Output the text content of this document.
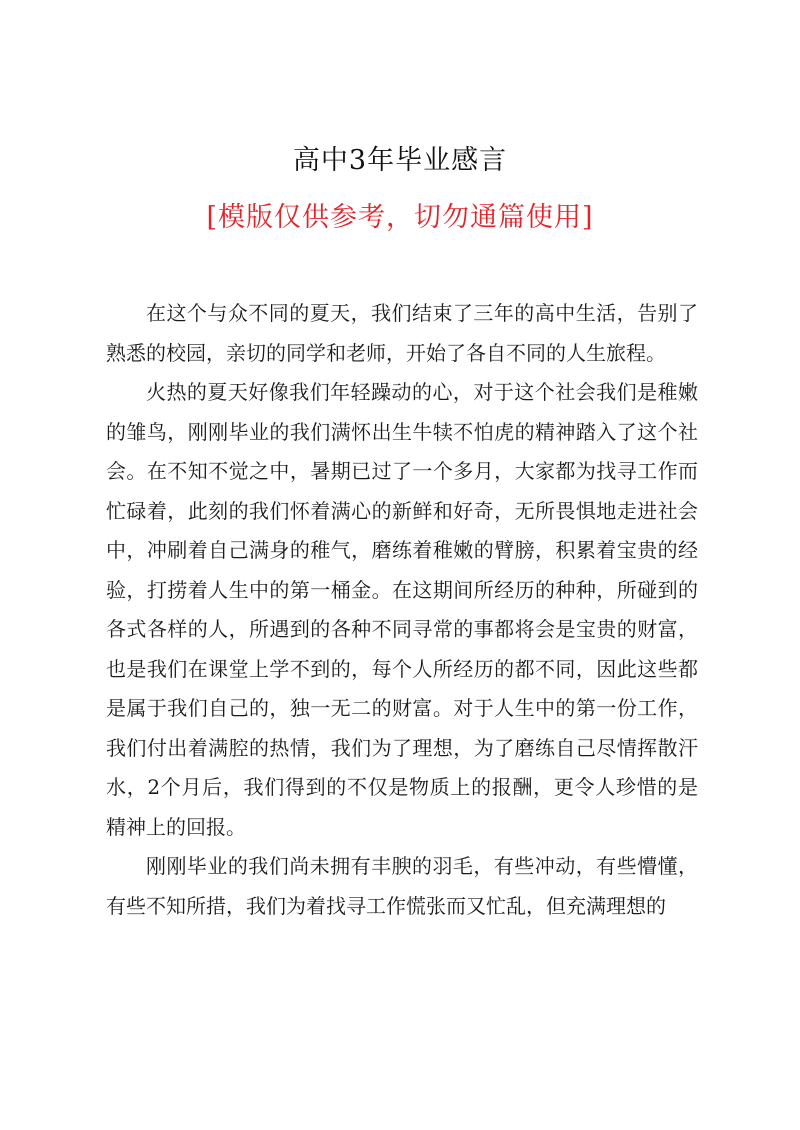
高中3年毕业感言
[模版仅供参考，切勿通篇使用]

在这个与众不同的夏天，我们结束了三年的高中生活，告别了熟悉的校园，亲切的同学和老师，开始了各自不同的人生旅程。

火热的夏天好像我们年轻躁动的心，对于这个社会我们是稚嫩的雏鸟，刚刚毕业的我们满怀出生牛犊不怕虎的精神踏入了这个社会。在不知不觉之中，暑期已过了一个多月，大家都为找寻工作而忙碌着，此刻的我们怀着满心的新鲜和好奇，无所畏惧地走进社会中，冲刷着自己满身的稚气，磨练着稚嫩的臂膀，积累着宝贵的经验，打捞着人生中的第一桶金。在这期间所经历的种种，所碰到的各式各样的人，所遇到的各种不同寻常的事都将会是宝贵的财富，也是我们在课堂上学不到的，每个人所经历的都不同，因此这些都是属于我们自己的，独一无二的财富。对于人生中的第一份工作，我们付出着满腔的热情，我们为了理想，为了磨练自己尽情挥散汗水，2个月后，我们得到的不仅是物质上的报酬，更令人珍惜的是精神上的回报。

刚刚毕业的我们尚未拥有丰腴的羽毛，有些冲动，有些懵懂，有些不知所措，我们为着找寻工作慌张而又忙乱，但充满理想的
